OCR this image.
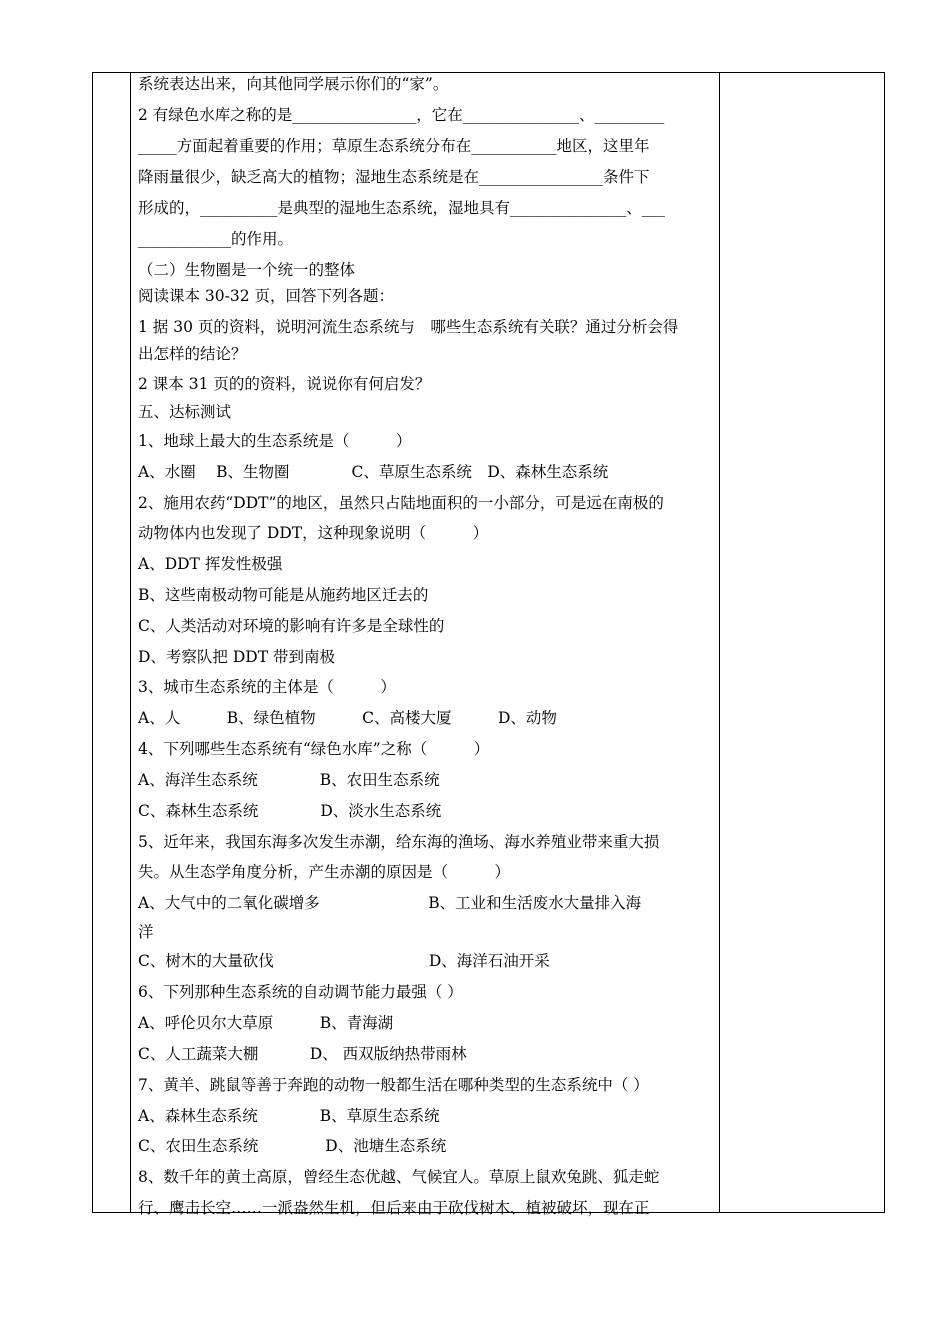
系统表达出来，向其他同学展示你们的“家”。
2 有绿色水库之称的是________________，它在_______________、_________
_____方面起着重要的作用；草原生态系统分布在___________地区，这里年
降雨量很少，缺乏高大的植物；湿地生态系统是在________________条件下
形成的，__________是典型的湿地生态系统，湿地具有_______________、___
____________的作用。
（二）生物圈是一个统一的整体
阅读课本 30-32 页，回答下列各题：
1 据 30 页的资料，说明河流生态系统与　哪些生态系统有关联？通过分析会得
出怎样的结论？
2 课本 31 页的的资料，说说你有何启发？
五、达标测试
1、地球上最大的生态系统是（　　　）
A、水圈　 B、生物圈　　　　C、草原生态系统　D、森林生态系统
2、施用农药“DDT”的地区，虽然只占陆地面积的一小部分，可是远在南极的
动物体内也发现了 DDT，这种现象说明（　　　）
A、DDT 挥发性极强
B、这些南极动物可能是从施药地区迁去的
C、人类活动对环境的影响有许多是全球性的
D、考察队把 DDT 带到南极
3、城市生态系统的主体是（　　　）
A、人　　　B、绿色植物　　　C、高楼大厦　　　D、动物
4、下列哪些生态系统有“绿色水库”之称（　　　）
A、海洋生态系统　　　　B、农田生态系统
C、森林生态系统　　　　D、淡水生态系统
5、近年来，我国东海多次发生赤潮，给东海的渔场、海水养殖业带来重大损
失。从生态学角度分析，产生赤潮的原因是（　　　）
A、大气中的二氧化碳增多　　　　　　　B、工业和生活废水大量排入海
洋
C、树木的大量砍伐　　　　　　　　　　D、海洋石油开采
6、下列那种生态系统的自动调节能力最强（ ）
A、呼伦贝尔大草原　　　B、青海湖
C、人工蔬菜大棚　　　 D、 西双版纳热带雨林
7、黄羊、跳鼠等善于奔跑的动物一般都生活在哪种类型的生态系统中（ ）
A、森林生态系统　　　　B、草原生态系统
C、农田生态系统　　　　 D、池塘生态系统
8、数千年的黄土高原，曾经生态优越、气候宜人。草原上鼠欢兔跳、狐走蛇
行、鹰击长空……一派盎然生机，但后来由于砍伐树木、植被破坏，现在正
